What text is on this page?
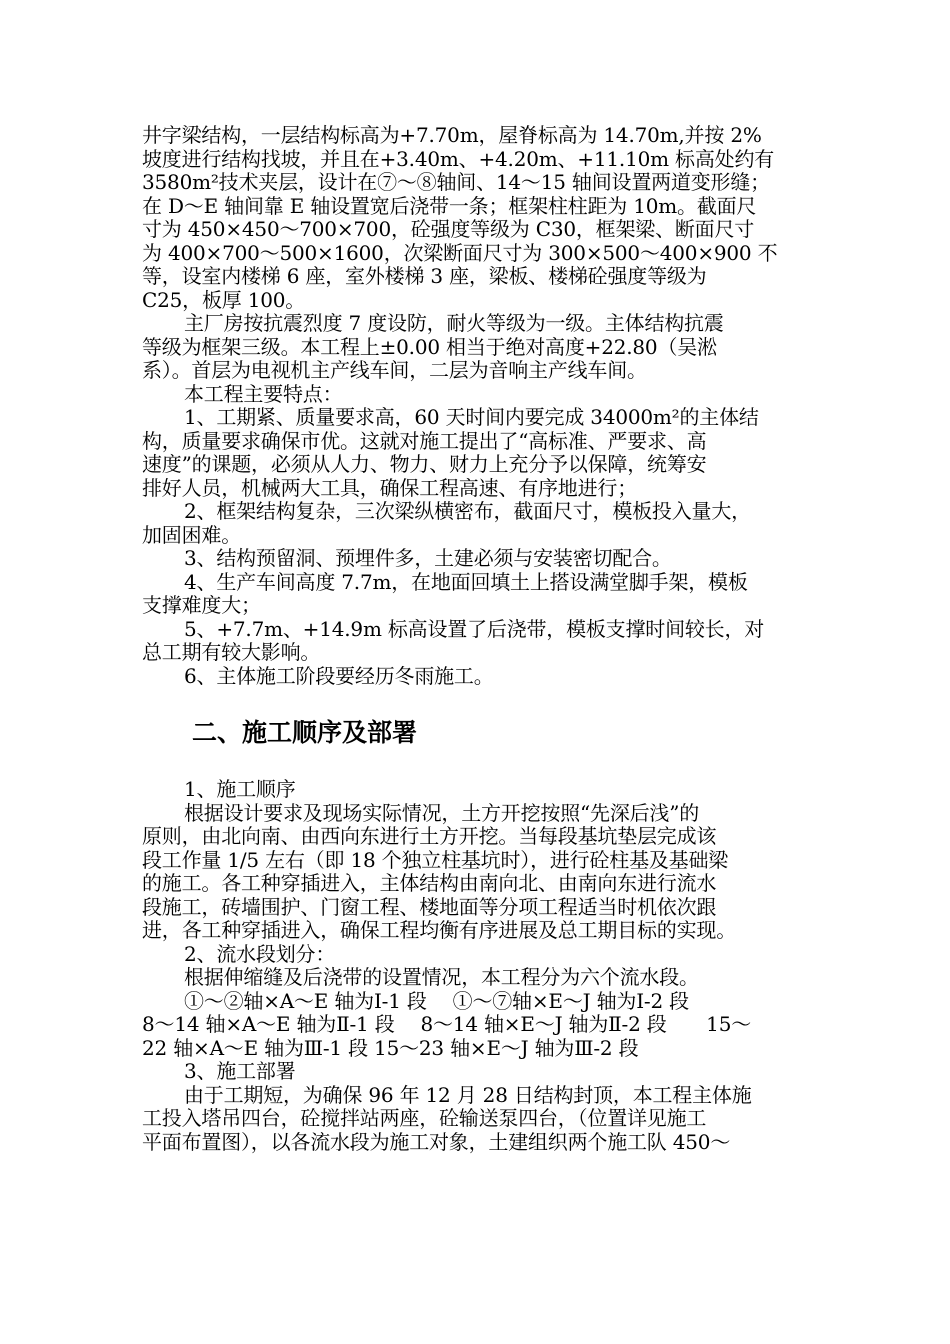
井字梁结构，一层结构标高为+7.70m，屋脊标高为 14.70m,并按 2%
坡度进行结构找坡，并且在+3.40m、+4.20m、+11.10m 标高处约有
3580m²技术夹层，设计在⑦～⑧轴间、14～15 轴间设置两道变形缝；
在 D～E 轴间靠 E 轴设置宽后浇带一条；框架柱柱距为 10m。截面尺
寸为 450×450～700×700，砼强度等级为 C30，框架梁、断面尺寸
为 400×700～500×1600，次梁断面尺寸为 300×500～400×900 不
等，设室内楼梯 6 座，室外楼梯 3 座，梁板、楼梯砼强度等级为
C25，板厚 100。
主厂房按抗震烈度 7 度设防，耐火等级为一级。主体结构抗震
等级为框架三级。本工程上±0.00 相当于绝对高度+22.80（吴淞
系）。首层为电视机主产线车间，二层为音响主产线车间。
本工程主要特点：
1、工期紧、质量要求高，60 天时间内要完成 34000m²的主体结
构，质量要求确保市优。这就对施工提出了“高标准、严要求、高
速度”的课题，必须从人力、物力、财力上充分予以保障，统筹安
排好人员，机械两大工具，确保工程高速、有序地进行；
2、框架结构复杂，三次梁纵横密布，截面尺寸，模板投入量大，
加固困难。
3、结构预留洞、预埋件多，土建必须与安装密切配合。
4、生产车间高度 7.7m，在地面回填土上搭设满堂脚手架，模板
支撑难度大；
5、+7.7m、+14.9m 标高设置了后浇带，模板支撑时间较长，对
总工期有较大影响。
6、主体施工阶段要经历冬雨施工。
二、施工顺序及部署
1、施工顺序
根据设计要求及现场实际情况，土方开挖按照“先深后浅”的
原则，由北向南、由西向东进行土方开挖。当每段基坑垫层完成该
段工作量 1/5 左右（即 18 个独立柱基坑时），进行砼柱基及基础梁
的施工。各工种穿插进入，主体结构由南向北、由南向东进行流水
段施工，砖墙围护、门窗工程、楼地面等分项工程适当时机依次跟
进，各工种穿插进入，确保工程均衡有序进展及总工期目标的实现。
2、流水段划分：
根据伸缩缝及后浇带的设置情况，本工程分为六个流水段。
①～②轴×A～E 轴为Ⅰ-1 段　 ①～⑦轴×E～J 轴为Ⅰ-2 段
8～14 轴×A～E 轴为Ⅱ-1 段　 8～14 轴×E～J 轴为Ⅱ-2 段　　15～
22 轴×A～E 轴为Ⅲ-1 段 15～23 轴×E～J 轴为Ⅲ-2 段
3、施工部署
由于工期短，为确保 96 年 12 月 28 日结构封顶，本工程主体施
工投入塔吊四台，砼搅拌站两座，砼输送泵四台，（位置详见施工
平面布置图），以各流水段为施工对象，土建组织两个施工队 450～
